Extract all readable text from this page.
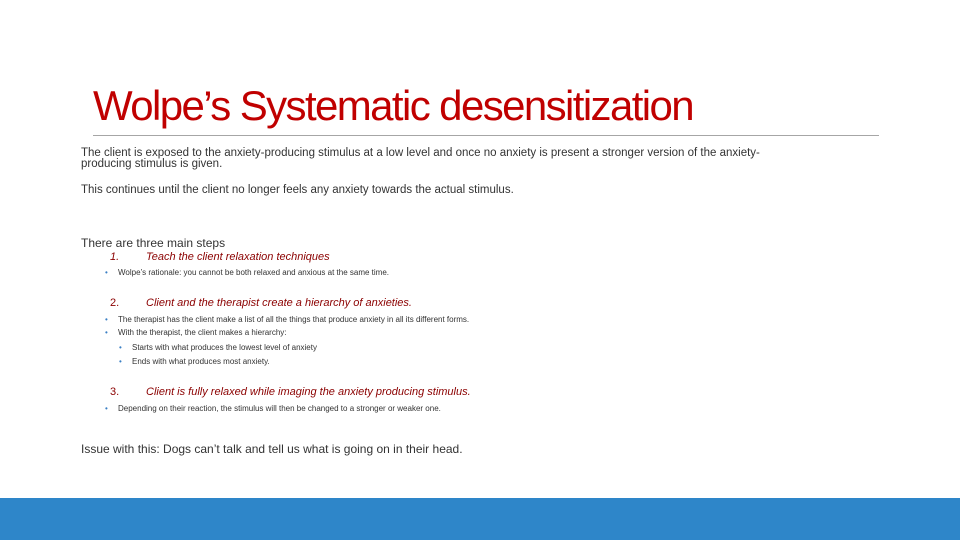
Wolpe’s Systematic desensitization
The client is exposed to the anxiety-producing stimulus at a low level and once no anxiety is present a stronger version of the anxiety-
producing stimulus is given.
This continues until the client no longer feels any anxiety towards the actual stimulus.
There are three main steps
1. Teach the client relaxation techniques
• Wolpe’s rationale: you cannot be both relaxed and anxious at the same time.
2. Client and the therapist create a hierarchy of anxieties.
• The therapist has the client make a list of all the things that produce anxiety in all its different forms.
• With the therapist, the client makes a hierarchy:
• Starts with what produces the lowest level of anxiety
• Ends with what produces most anxiety.
3. Client is fully relaxed while imaging the anxiety producing stimulus.
• Depending on their reaction, the stimulus will then be changed to a stronger or weaker one.
Issue with this: Dogs can’t talk and tell us what is going on in their head.
